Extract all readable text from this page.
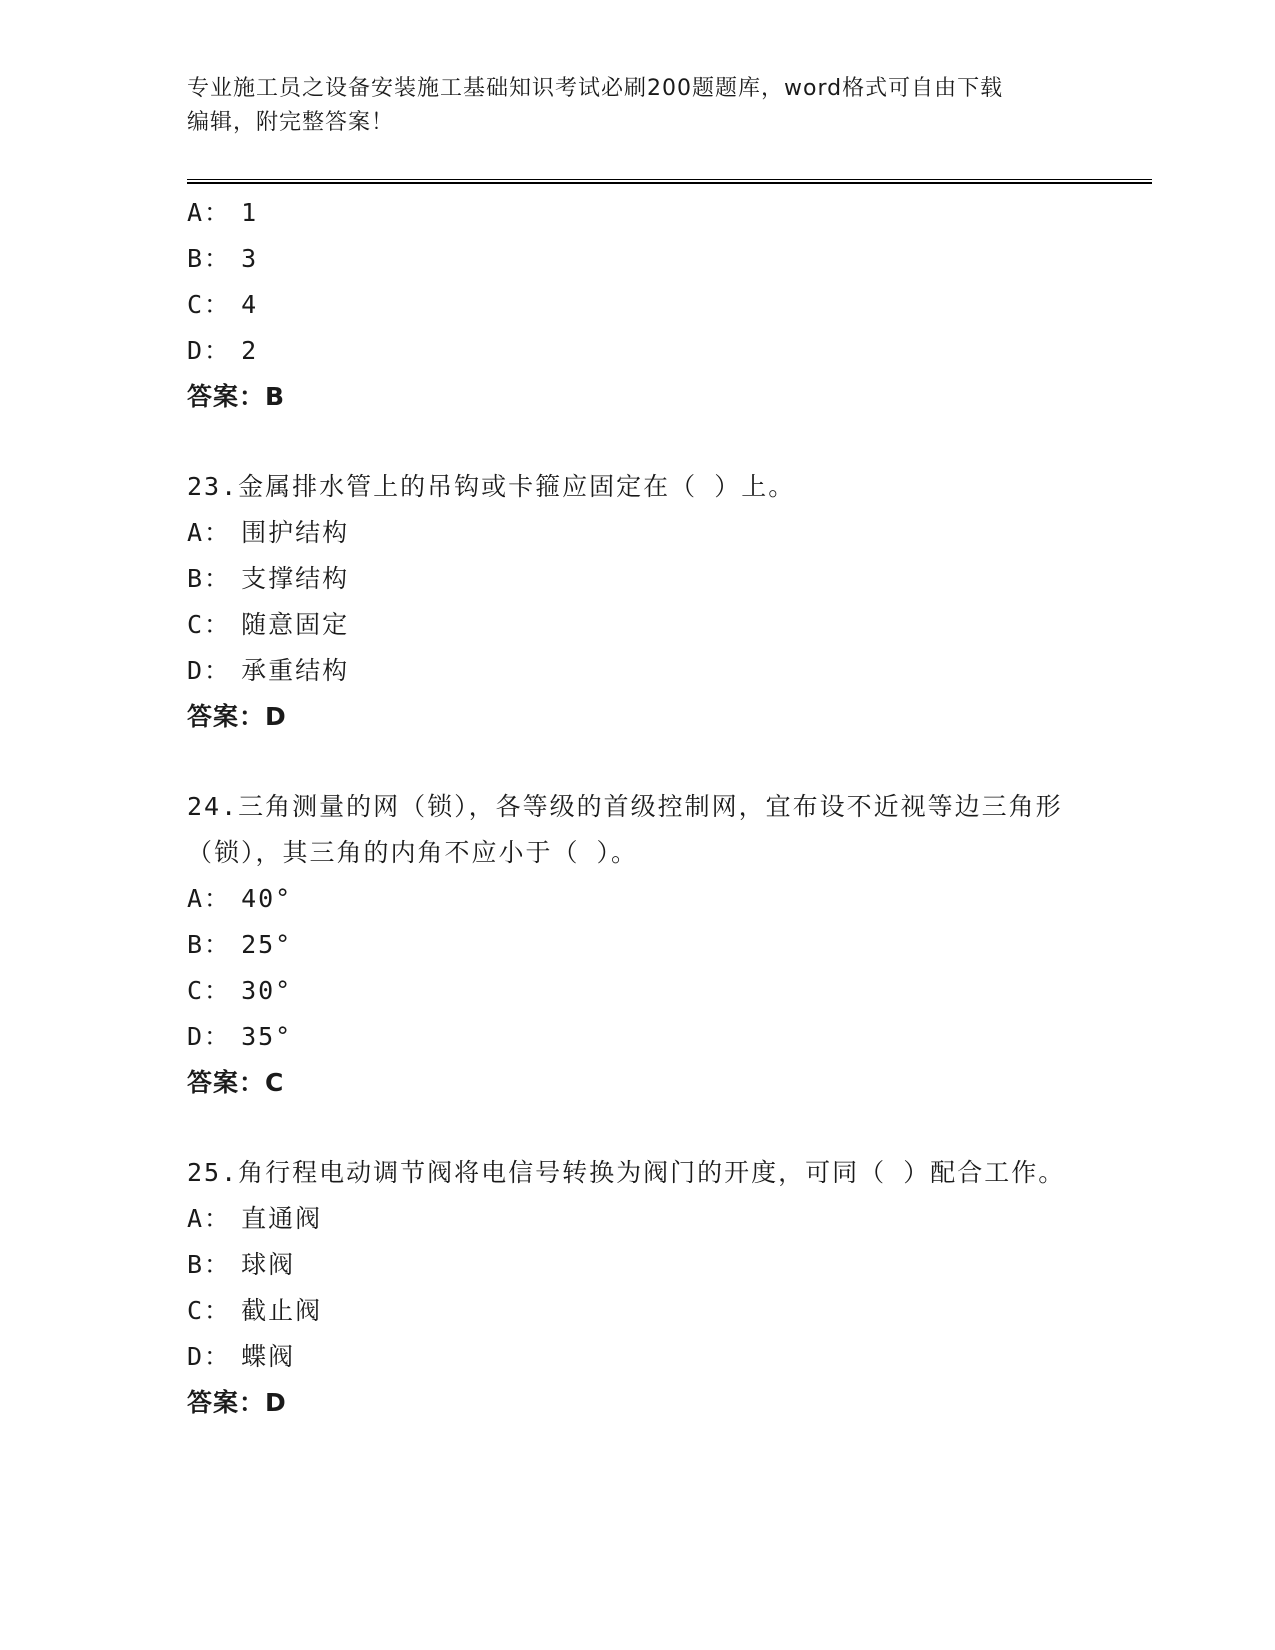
专业施工员之设备安装施工基础知识考试必刷200题题库，word格式可自由下载
编辑，附完整答案！
A： 1
B： 3
C： 4
D： 2
答案：B
23.金属排水管上的吊钩或卡箍应固定在（ ）上。
A： 围护结构
B： 支撑结构
C： 随意固定
D： 承重结构
答案：D
24.三角测量的网（锁），各等级的首级控制网，宜布设不近视等边三角形（锁），其三角的内角不应小于（ ）。
A： 40°
B： 25°
C： 30°
D： 35°
答案：C
25.角行程电动调节阀将电信号转换为阀门的开度，可同（ ）配合工作。
A： 直通阀
B： 球阀
C： 截止阀
D： 蝶阀
答案：D
